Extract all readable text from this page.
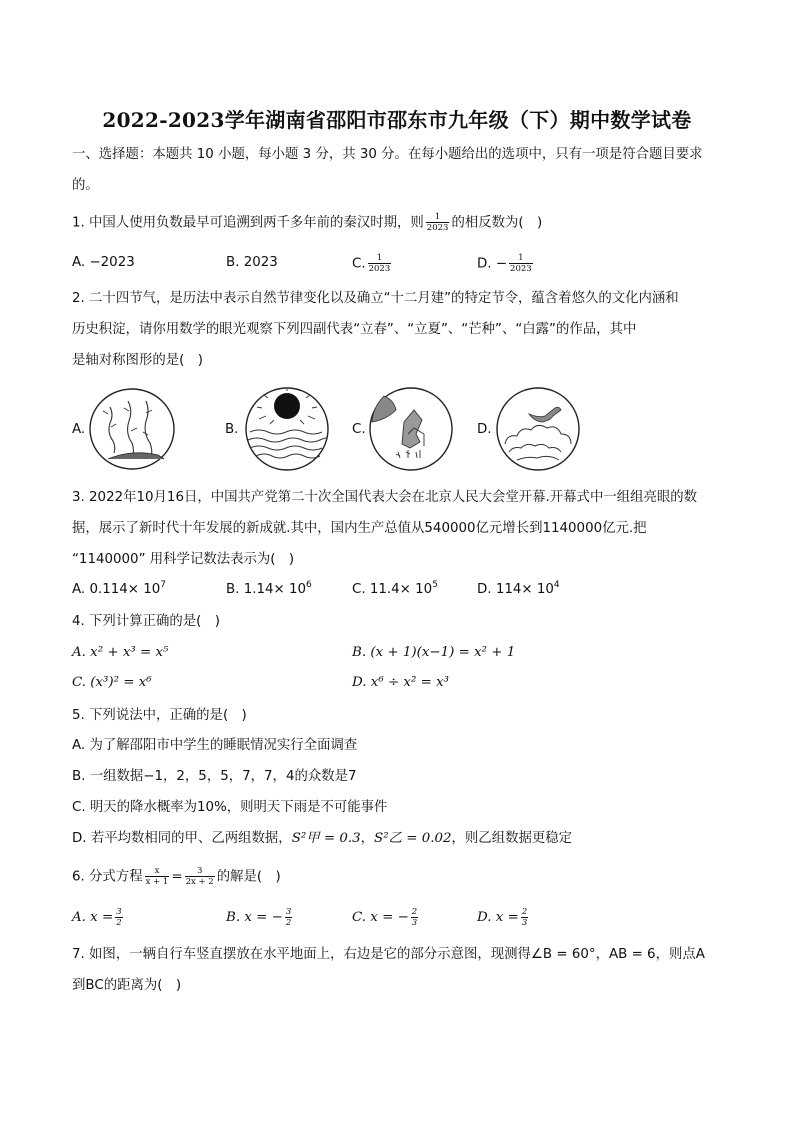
2022-2023学年湖南省邵阳市邵东市九年级（下）期中数学试卷
一、选择题：本题共 10 小题，每小题 3 分，共 30 分。在每小题给出的选项中，只有一项是符合题目要求
的。
1. 中国人使用负数最早可追溯到两千多年前的秦汉时期，则 $\frac{1}{2023}$ 的相反数为(　)
A. −2023	B. 2023	C. $\frac{1}{2023}$	D. − $\frac{1}{2023}$
2. 二十四节气，是历法中表示自然节律变化以及确立“十二月建”的特定节令，蕴含着悠久的文化内涵和
历史积淀，请你用数学的眼光观察下列四副代表“立春”、“立夏”、“芒种”、“白露”的作品，其中
是轴对称图形的是(　)
A.	B.	C.	D.
3. 2022年10月16日，中国共产党第二十次全国代表大会在北京人民大会堂开幕.开幕式中一组组亮眼的数
据，展示了新时代十年发展的新成就.其中，国内生产总值从540000亿元增长到1140000亿元.把
“1140000” 用科学记数法表示为(　)
A. $0.114\times 10^7$	B. $1.14\times 10^6$	C. $11.4\times 10^5$	D. $114\times 10^4$
4. 下列计算正确的是(　)
A. x² + x³ = x⁵	B. (x + 1)(x−1) = x² + 1
C. (x³)² = x⁶	D. x⁶ ÷ x² = x³
5. 下列说法中，正确的是(　)
A. 为了解邵阳市中学生的睡眠情况实行全面调查
B. 一组数据−1，2，5，5，7，7，4的众数是7
C. 明天的降水概率为10%，则明天下雨是不可能事件
D. 若平均数相同的甲、乙两组数据，S²甲 = 0.3，S²乙 = 0.02，则乙组数据更稳定
6. 分式方程 $\frac{x}{x + 1} = \frac{3}{2x + 2}$ 的解是(　)
A. $x = \frac{3}{2}$	B. x = − $\frac{3}{2}$	C. x = − $\frac{2}{3}$	D. $x = \frac{2}{3}$
7. 如图，一辆自行车竖直摆放在水平地面上，右边是它的部分示意图，现测得∠B = 60°，AB = 6，则点A
到BC的距离为(　)
